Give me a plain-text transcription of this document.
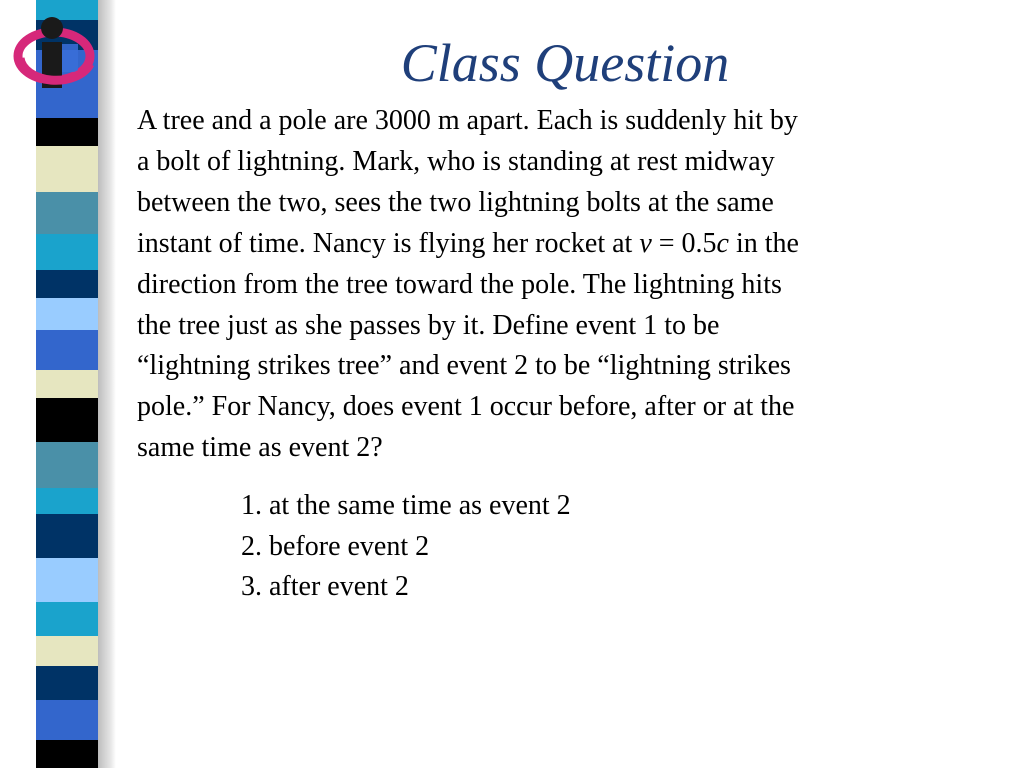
Class Question
A tree and a pole are 3000 m apart. Each is suddenly hit by
a bolt of lightning. Mark, who is standing at rest midway
between the two, sees the two lightning bolts at the same
instant of time. Nancy is flying her rocket at v = 0.5c in the
direction from the tree toward the pole. The lightning hits
the tree just as she passes by it. Define event 1 to be
“lightning strikes tree” and event 2 to be “lightning strikes
pole.” For Nancy, does event 1 occur before, after or at the
same time as event 2?
1. at the same time as event 2
2. before event 2
3. after event 2
